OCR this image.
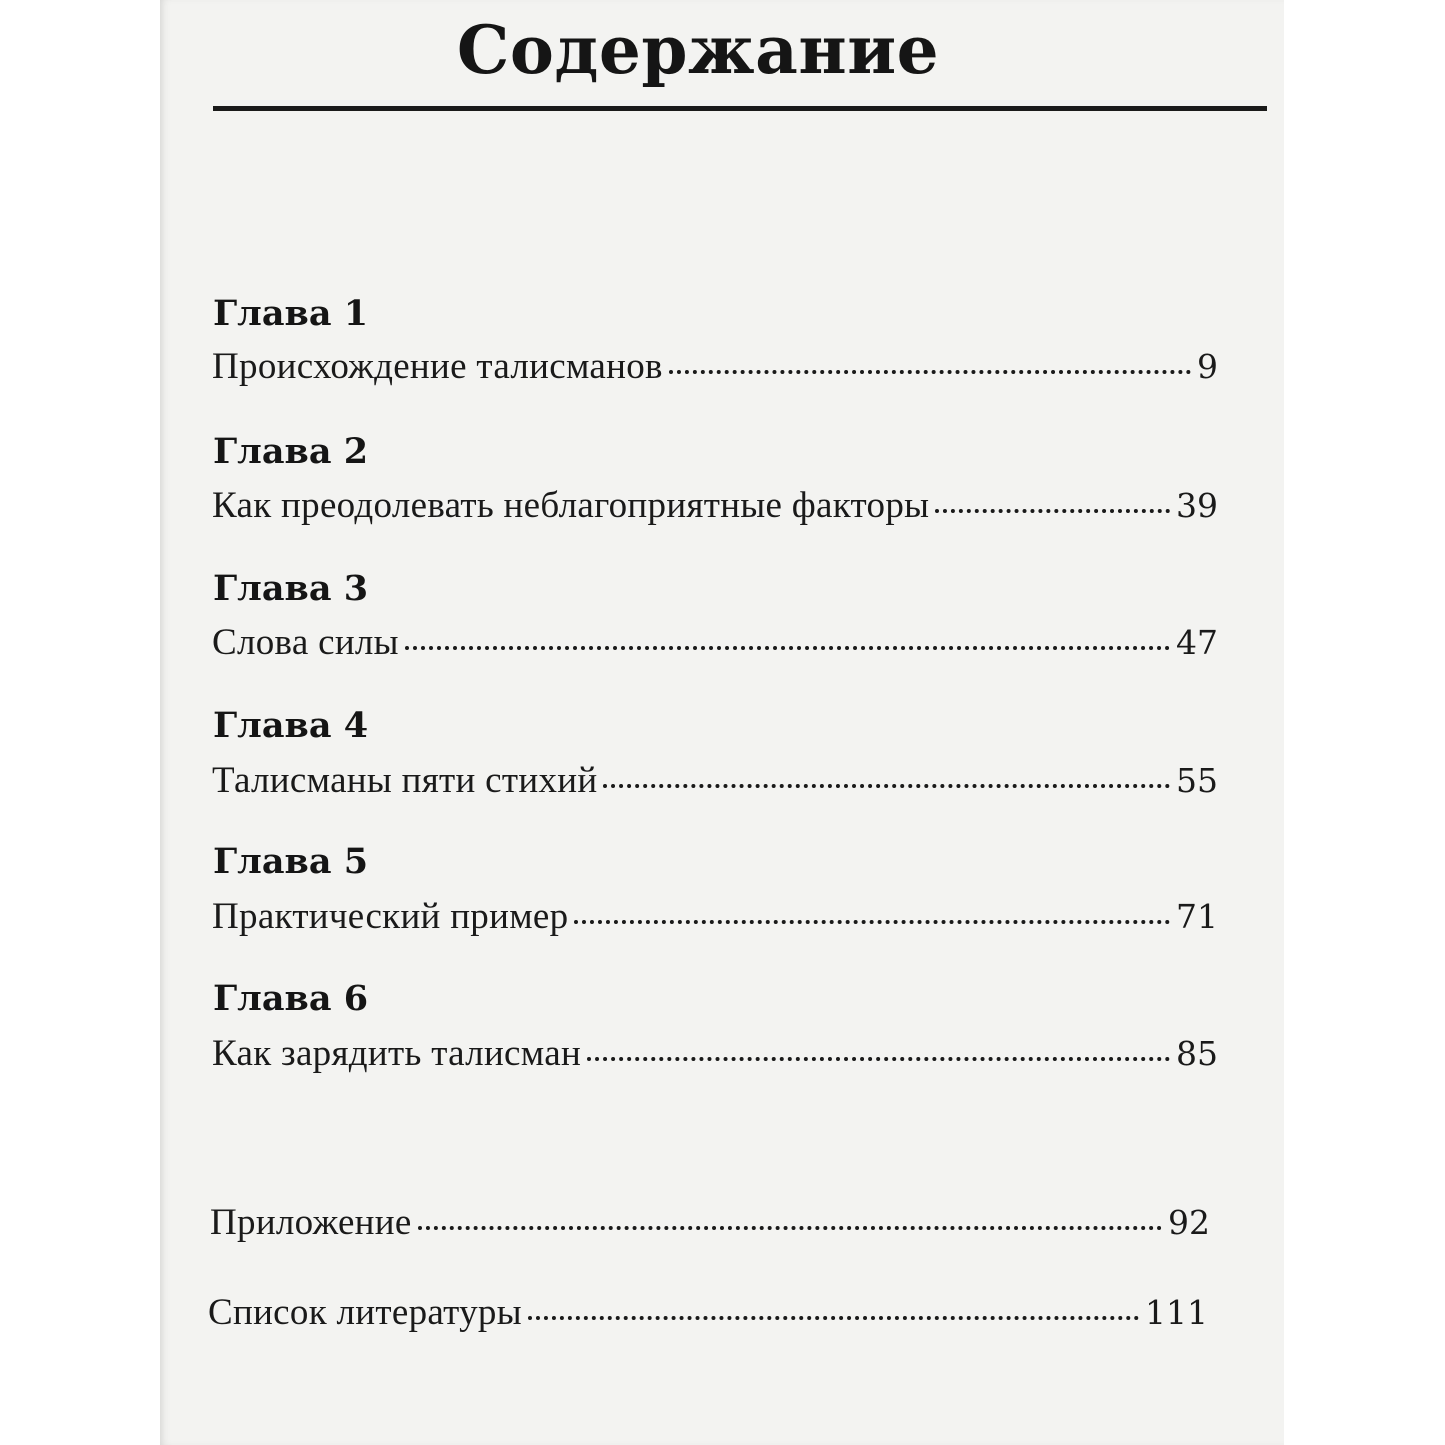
Содержание
Глава 1
Происхождение талисманов	9
Глава 2
Как преодолевать неблагоприятные факторы	39
Глава 3
Слова силы	47
Глава 4
Талисманы пяти стихий	55
Глава 5
Практический пример	71
Глава 6
Как зарядить талисман	85
Приложение	92
Список литературы	111
